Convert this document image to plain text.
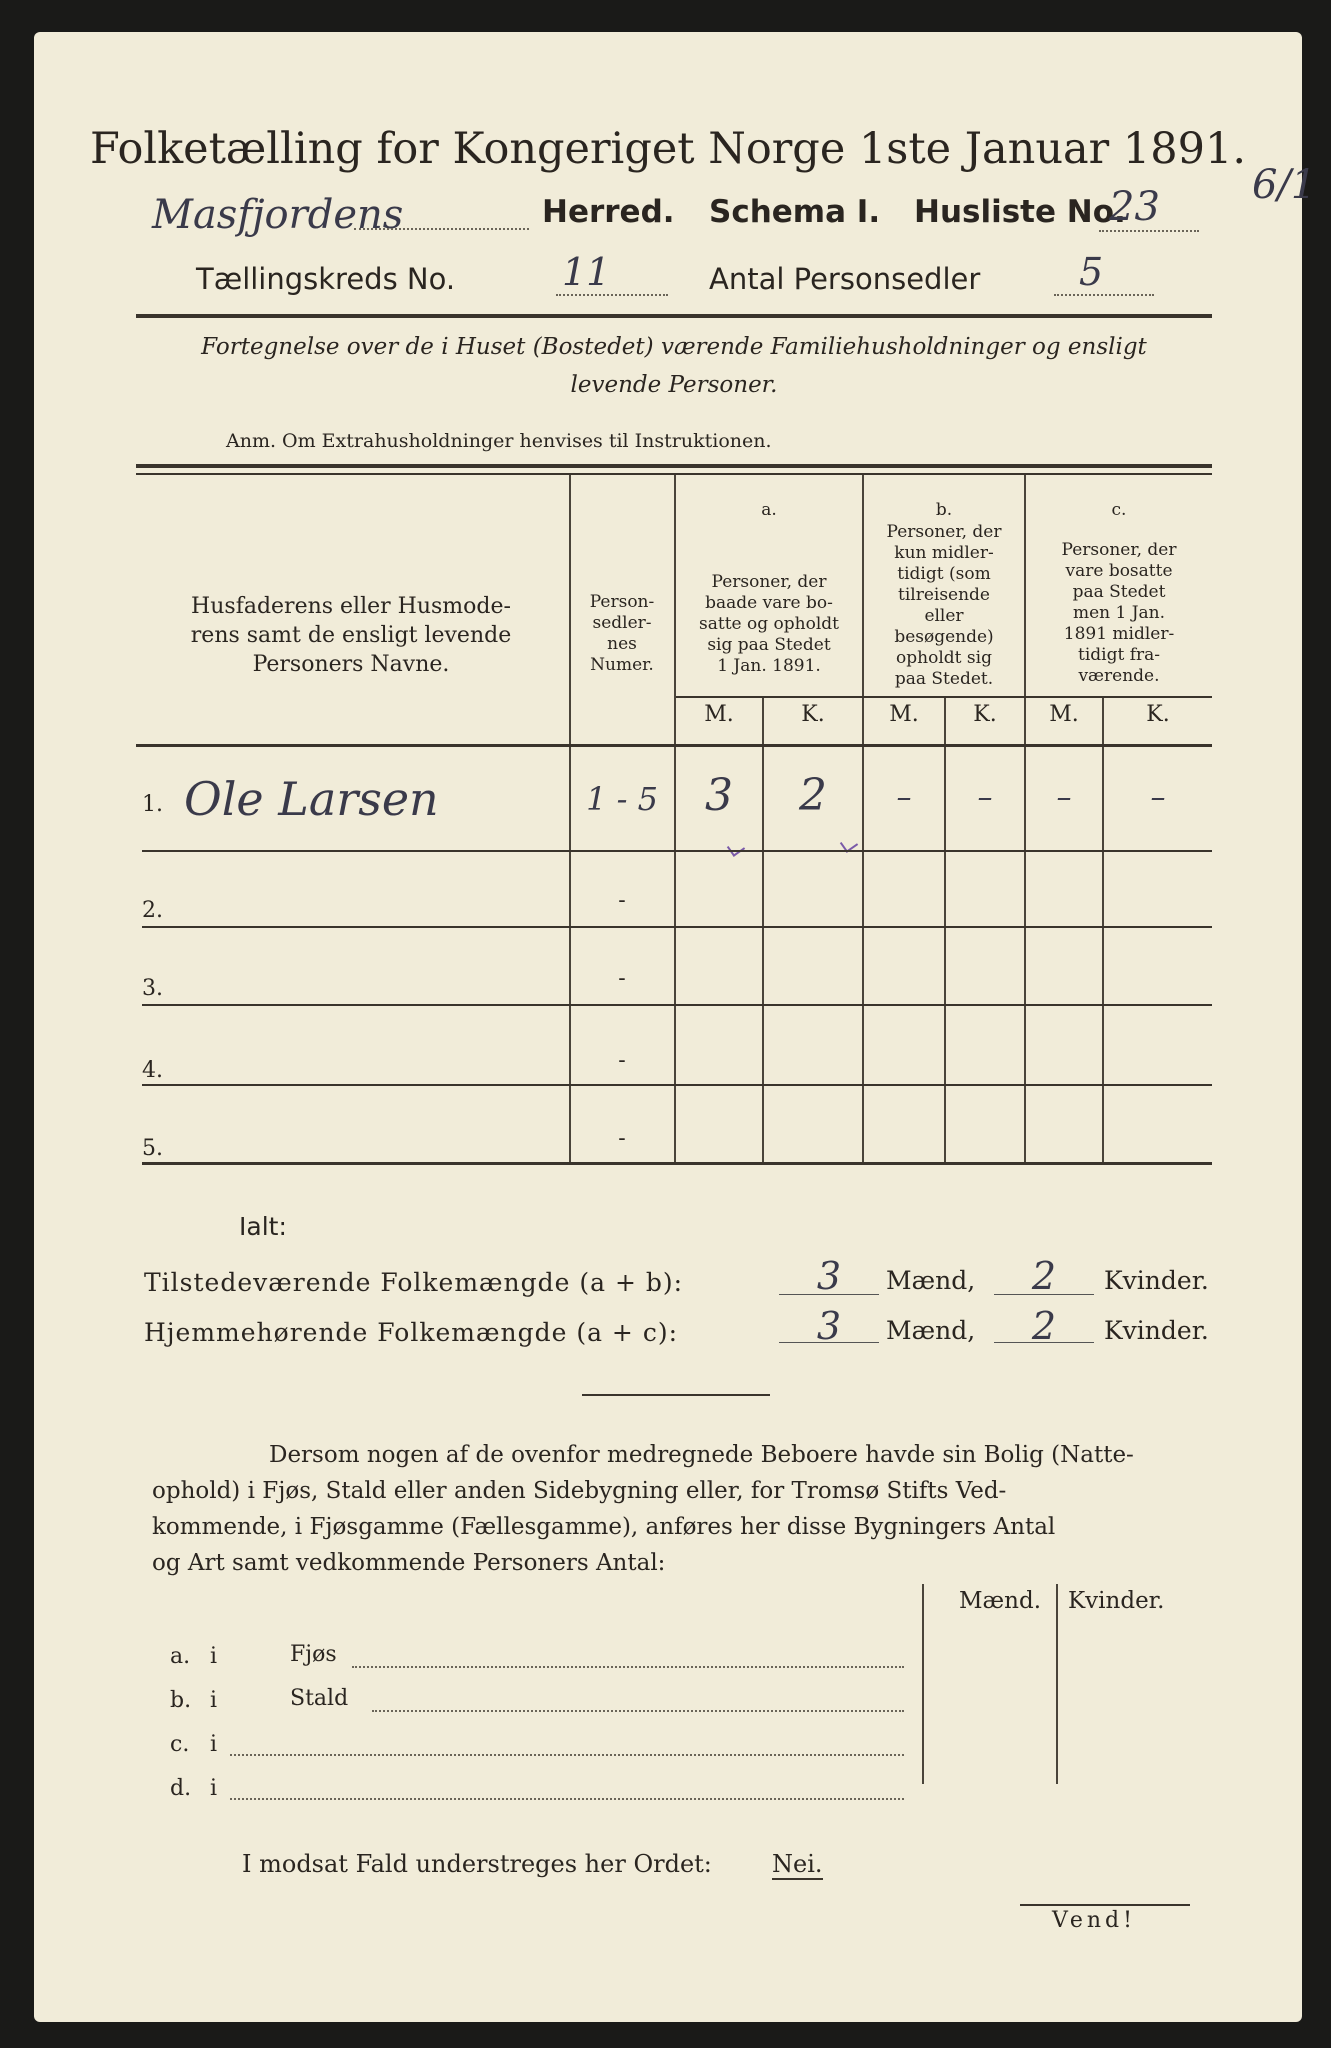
Folketælling for Kongeriget Norge 1ste Januar 1891.
Masfjordens	Herred. Schema I. Husliste No.
23 6/1
Tællingskreds No.	11	Antal Personsedler	5
Fortegnelse over de i Huset (Bostedet) værende Familiehusholdninger og ensligt
levende Personer.
Anm. Om Extrahusholdninger henvises til Instruktionen.
Husfaderens eller Husmode-
rens samt de ensligt levende
Personers Navne.
Person-
sedler-
nes
Numer.
a.
Personer, der
baade vare bo-
satte og opholdt
sig paa Stedet
1 Jan. 1891.
b.
Personer, der
kun midler-
tidigt (som
tilreisende
eller
besøgende)
opholdt sig
paa Stedet.
c.
Personer, der
vare bosatte
paa Stedet
men 1 Jan.
1891 midler-
tidigt fra-
værende.
M.	K.	M.	K.	M.	K.
1. Ole Larsen	1 - 5	3	2	–	–	–	–
2.	-
3.	-
4.	-
5.	-
Ialt:
Tilstedeværende Folkemængde (a + b):	3	Mænd,	2	Kvinder.
Hjemmehørende Folkemængde (a + c):	3	Mænd,	2	Kvinder.
Dersom nogen af de ovenfor medregnede Beboere havde sin Bolig (Natte-
ophold) i Fjøs, Stald eller anden Sidebygning eller, for Tromsø Stifts Ved-
kommende, i Fjøsgamme (Fællesgamme), anføres her disse Bygningers Antal
og Art samt vedkommende Personers Antal:
Mænd. Kvinder.
a. i	Fjøs
b. i	Stald
c. i
d. i
I modsat Fald understreges her Ordet:	Nei.
Vend!
